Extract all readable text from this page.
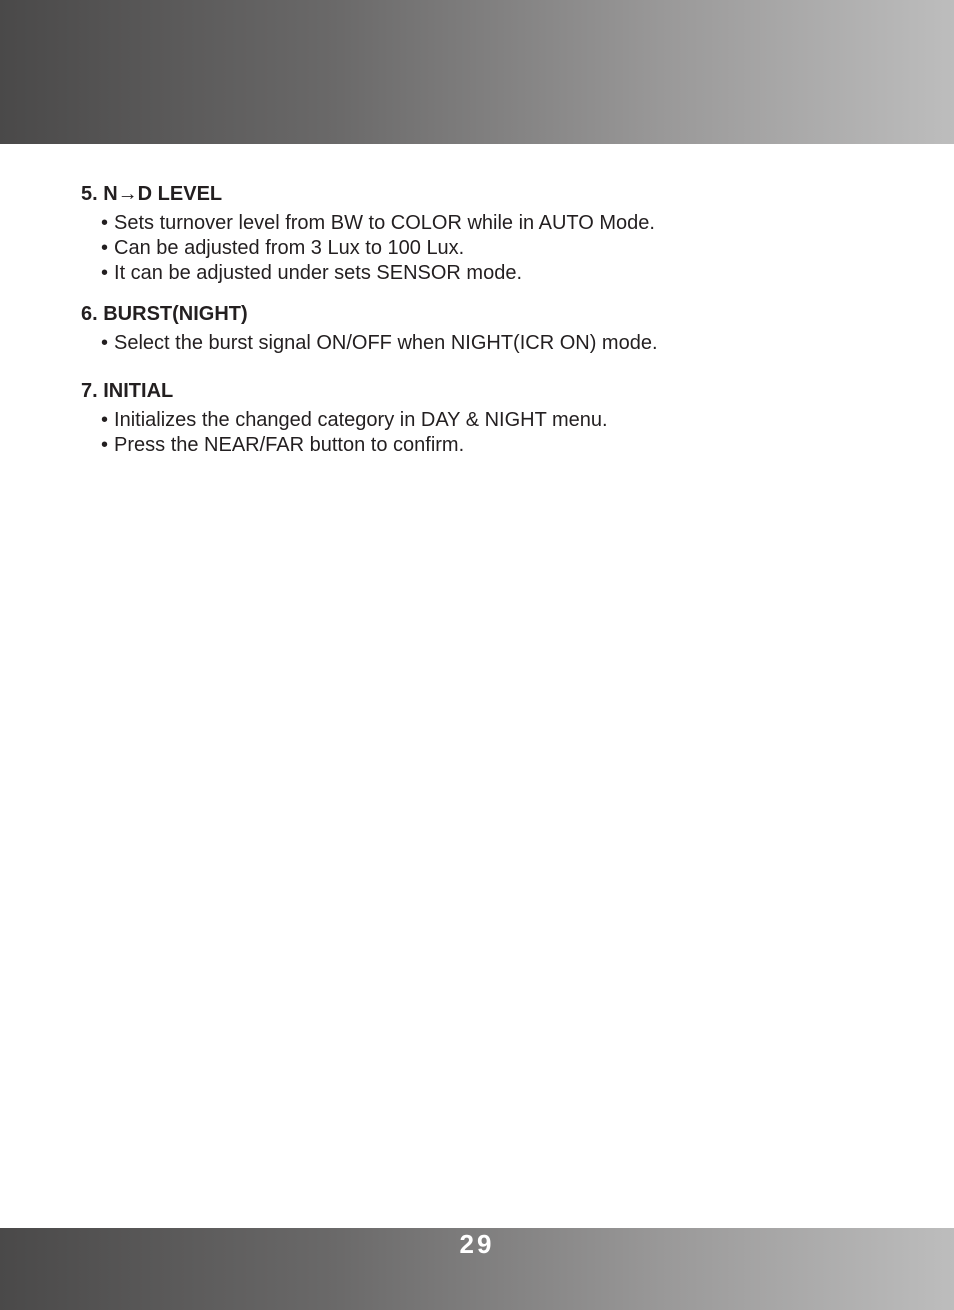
5. N→D LEVEL
• Sets turnover level from BW to COLOR while in AUTO Mode.
• Can be adjusted from 3 Lux to 100 Lux.
• It can be adjusted under sets SENSOR mode.
6. BURST(NIGHT)
• Select the burst signal ON/OFF when NIGHT(ICR ON) mode.
7. INITIAL
• Initializes the changed category in DAY & NIGHT menu.
• Press the NEAR/FAR button to confirm.
29
